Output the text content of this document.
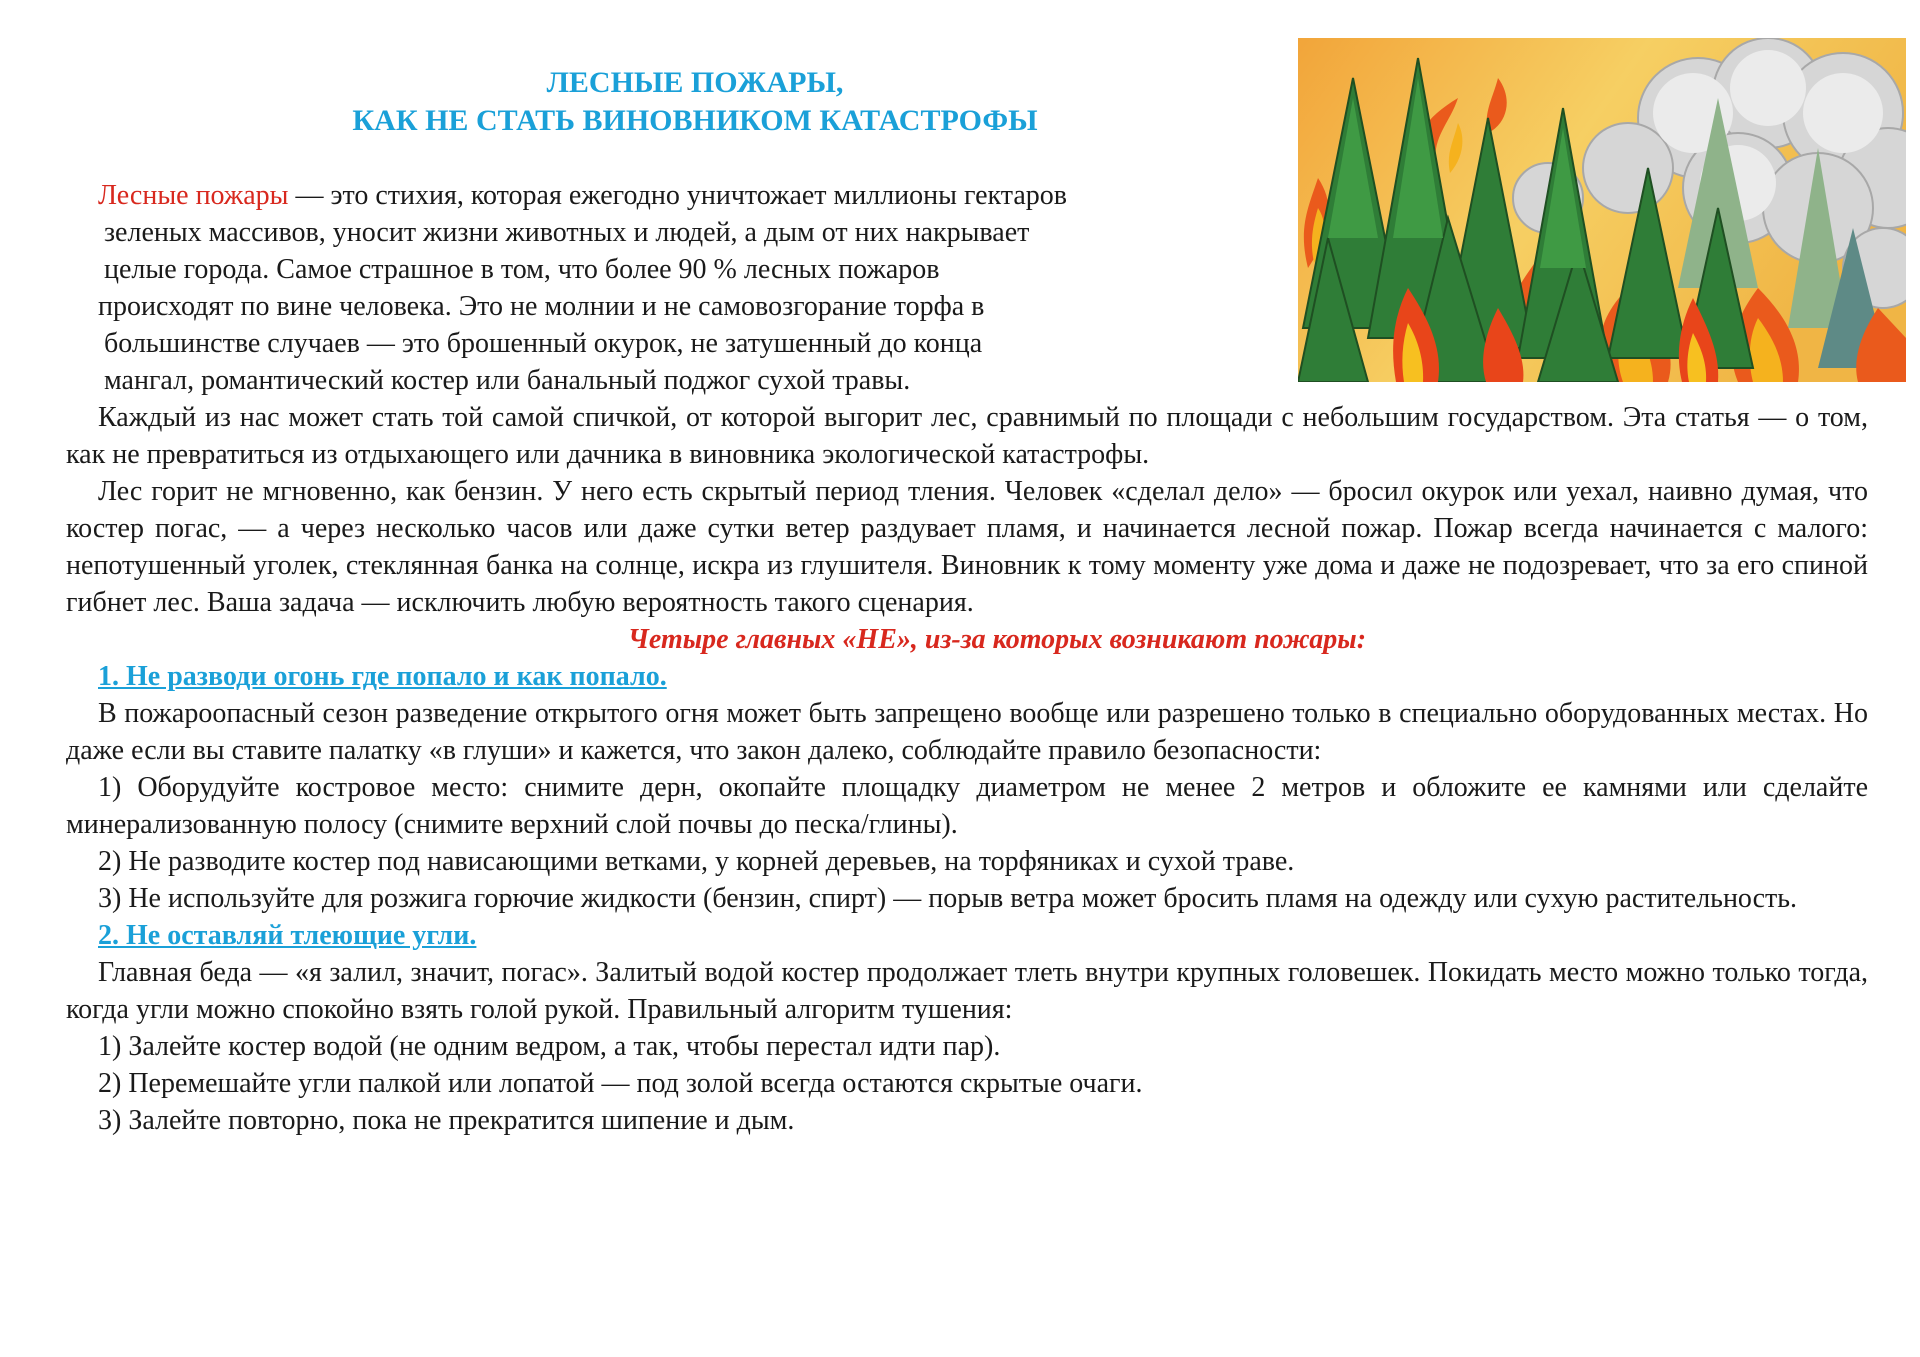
ЛЕСНЫЕ ПОЖАРЫ,
КАК НЕ СТАТЬ ВИНОВНИКОМ КАТАСТРОФЫ
Лесные пожары — это стихия, которая ежегодно уничтожает миллионы гектаров
зеленых массивов, уносит жизни животных и людей, а дым от них накрывает
целые города. Самое страшное в том, что более 90 % лесных пожаров
происходят по вине человека. Это не молнии и не самовозгорание торфа в
большинстве случаев — это брошенный окурок, не затушенный до конца
мангал, романтический костер или банальный поджог сухой травы.

Каждый из нас может стать той самой спичкой, от которой выгорит лес, сравнимый по площади с небольшим государством. Эта статья — о том, как не превратиться из отдыхающего или дачника в виновника экологической катастрофы.

Лес горит не мгновенно, как бензин. У него есть скрытый период тления. Человек «сделал дело» — бросил окурок или уехал, наивно думая, что костер погас, — а через несколько часов или даже сутки ветер раздувает пламя, и начинается лесной пожар. Пожар всегда начинается с малого: непотушенный уголек, стеклянная банка на солнце, искра из глушителя. Виновник к тому моменту уже дома и даже не подозревает, что за его спиной гибнет лес. Ваша задача — исключить любую вероятность такого сценария.

Четыре главных «НЕ», из-за которых возникают пожары:

1. Не разводи огонь где попало и как попало.

В пожароопасный сезон разведение открытого огня может быть запрещено вообще или разрешено только в специально оборудованных местах. Но даже если вы ставите палатку «в глуши» и кажется, что закон далеко, соблюдайте правило безопасности:

1) Оборудуйте костровое место: снимите дерн, окопайте площадку диаметром не менее 2 метров и обложите ее камнями или сделайте минерализованную полосу (снимите верхний слой почвы до песка/глины).

2) Не разводите костер под нависающими ветками, у корней деревьев, на торфяниках и сухой траве.

3) Не используйте для розжига горючие жидкости (бензин, спирт) — порыв ветра может бросить пламя на одежду или сухую растительность.

2. Не оставляй тлеющие угли.

Главная беда — «я залил, значит, погас». Залитый водой костер продолжает тлеть внутри крупных головешек. Покидать место можно только тогда, когда угли можно спокойно взять голой рукой. Правильный алгоритм тушения:

1) Залейте костер водой (не одним ведром, а так, чтобы перестал идти пар).

2) Перемешайте угли палкой или лопатой — под золой всегда остаются скрытые очаги.

3) Залейте повторно, пока не прекратится шипение и дым.
